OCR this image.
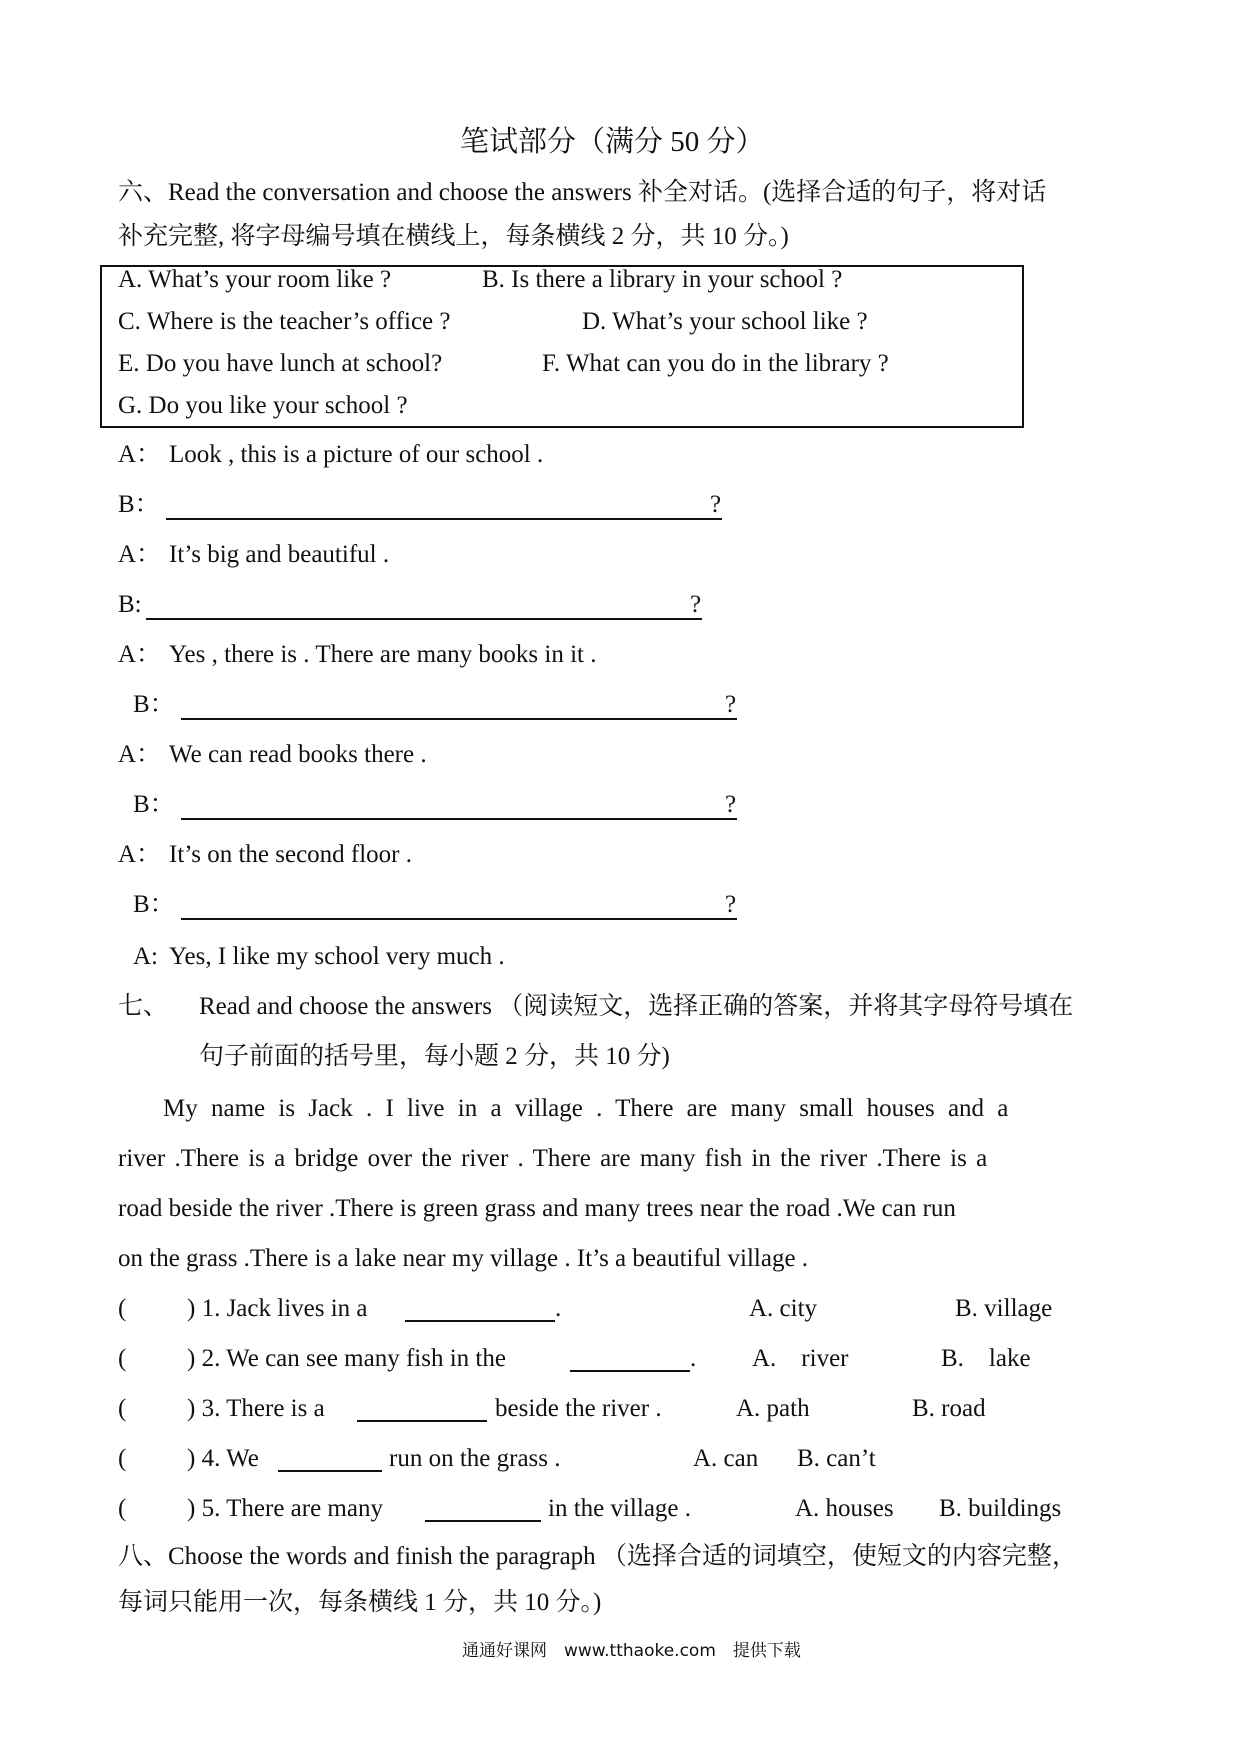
笔试部分（满分 50 分）
六、Read the conversation and choose the answers 补全对话。(选择合适的句子，将对话
补充完整, 将字母编号填在横线上，每条横线 2 分，共 10 分。)
A. What’s your room like ?	B. Is there a library in your school ?
C. Where is the teacher’s office ?	D. What’s your school like ?
E. Do you have lunch at school?	F. What can you do in the library ?
G. Do you like your school ?
A： Look , this is a picture of our school .
B：	?
A： It’s big and beautiful .
B:	?
A： Yes , there is . There are many books in it .
B：	?
A： We can read books there .
B：	?
A： It’s on the second floor .
B：	?
A: Yes, I like my school very much .
七、 Read and choose the answers （阅读短文，选择正确的答案，并将其字母符号填在
句子前面的括号里，每小题 2 分，共 10 分)
My name is Jack . I live in a village . There are many small houses and a
river .There is a bridge over the river . There are many fish in the river .There is a
road beside the river .There is green grass and many trees near the road .We can run
on the grass .There is a lake near my village . It’s a beautiful village .
( ) 1. Jack lives in a	.	A. city	B. village
( ) 2. We can see many fish in the	. A.　river	B.　lake
( ) 3. There is a	beside the river .	A. path	B. road
( ) 4. We	run on the grass .	A. can B. can’t
( ) 5. There are many	in the village .	A. houses B. buildings
八、Choose the words and finish the paragraph （选择合适的词填空，使短文的内容完整，
每词只能用一次，每条横线 1 分，共 10 分。)
通通好课网　www.tthaoke.com　提供下载
